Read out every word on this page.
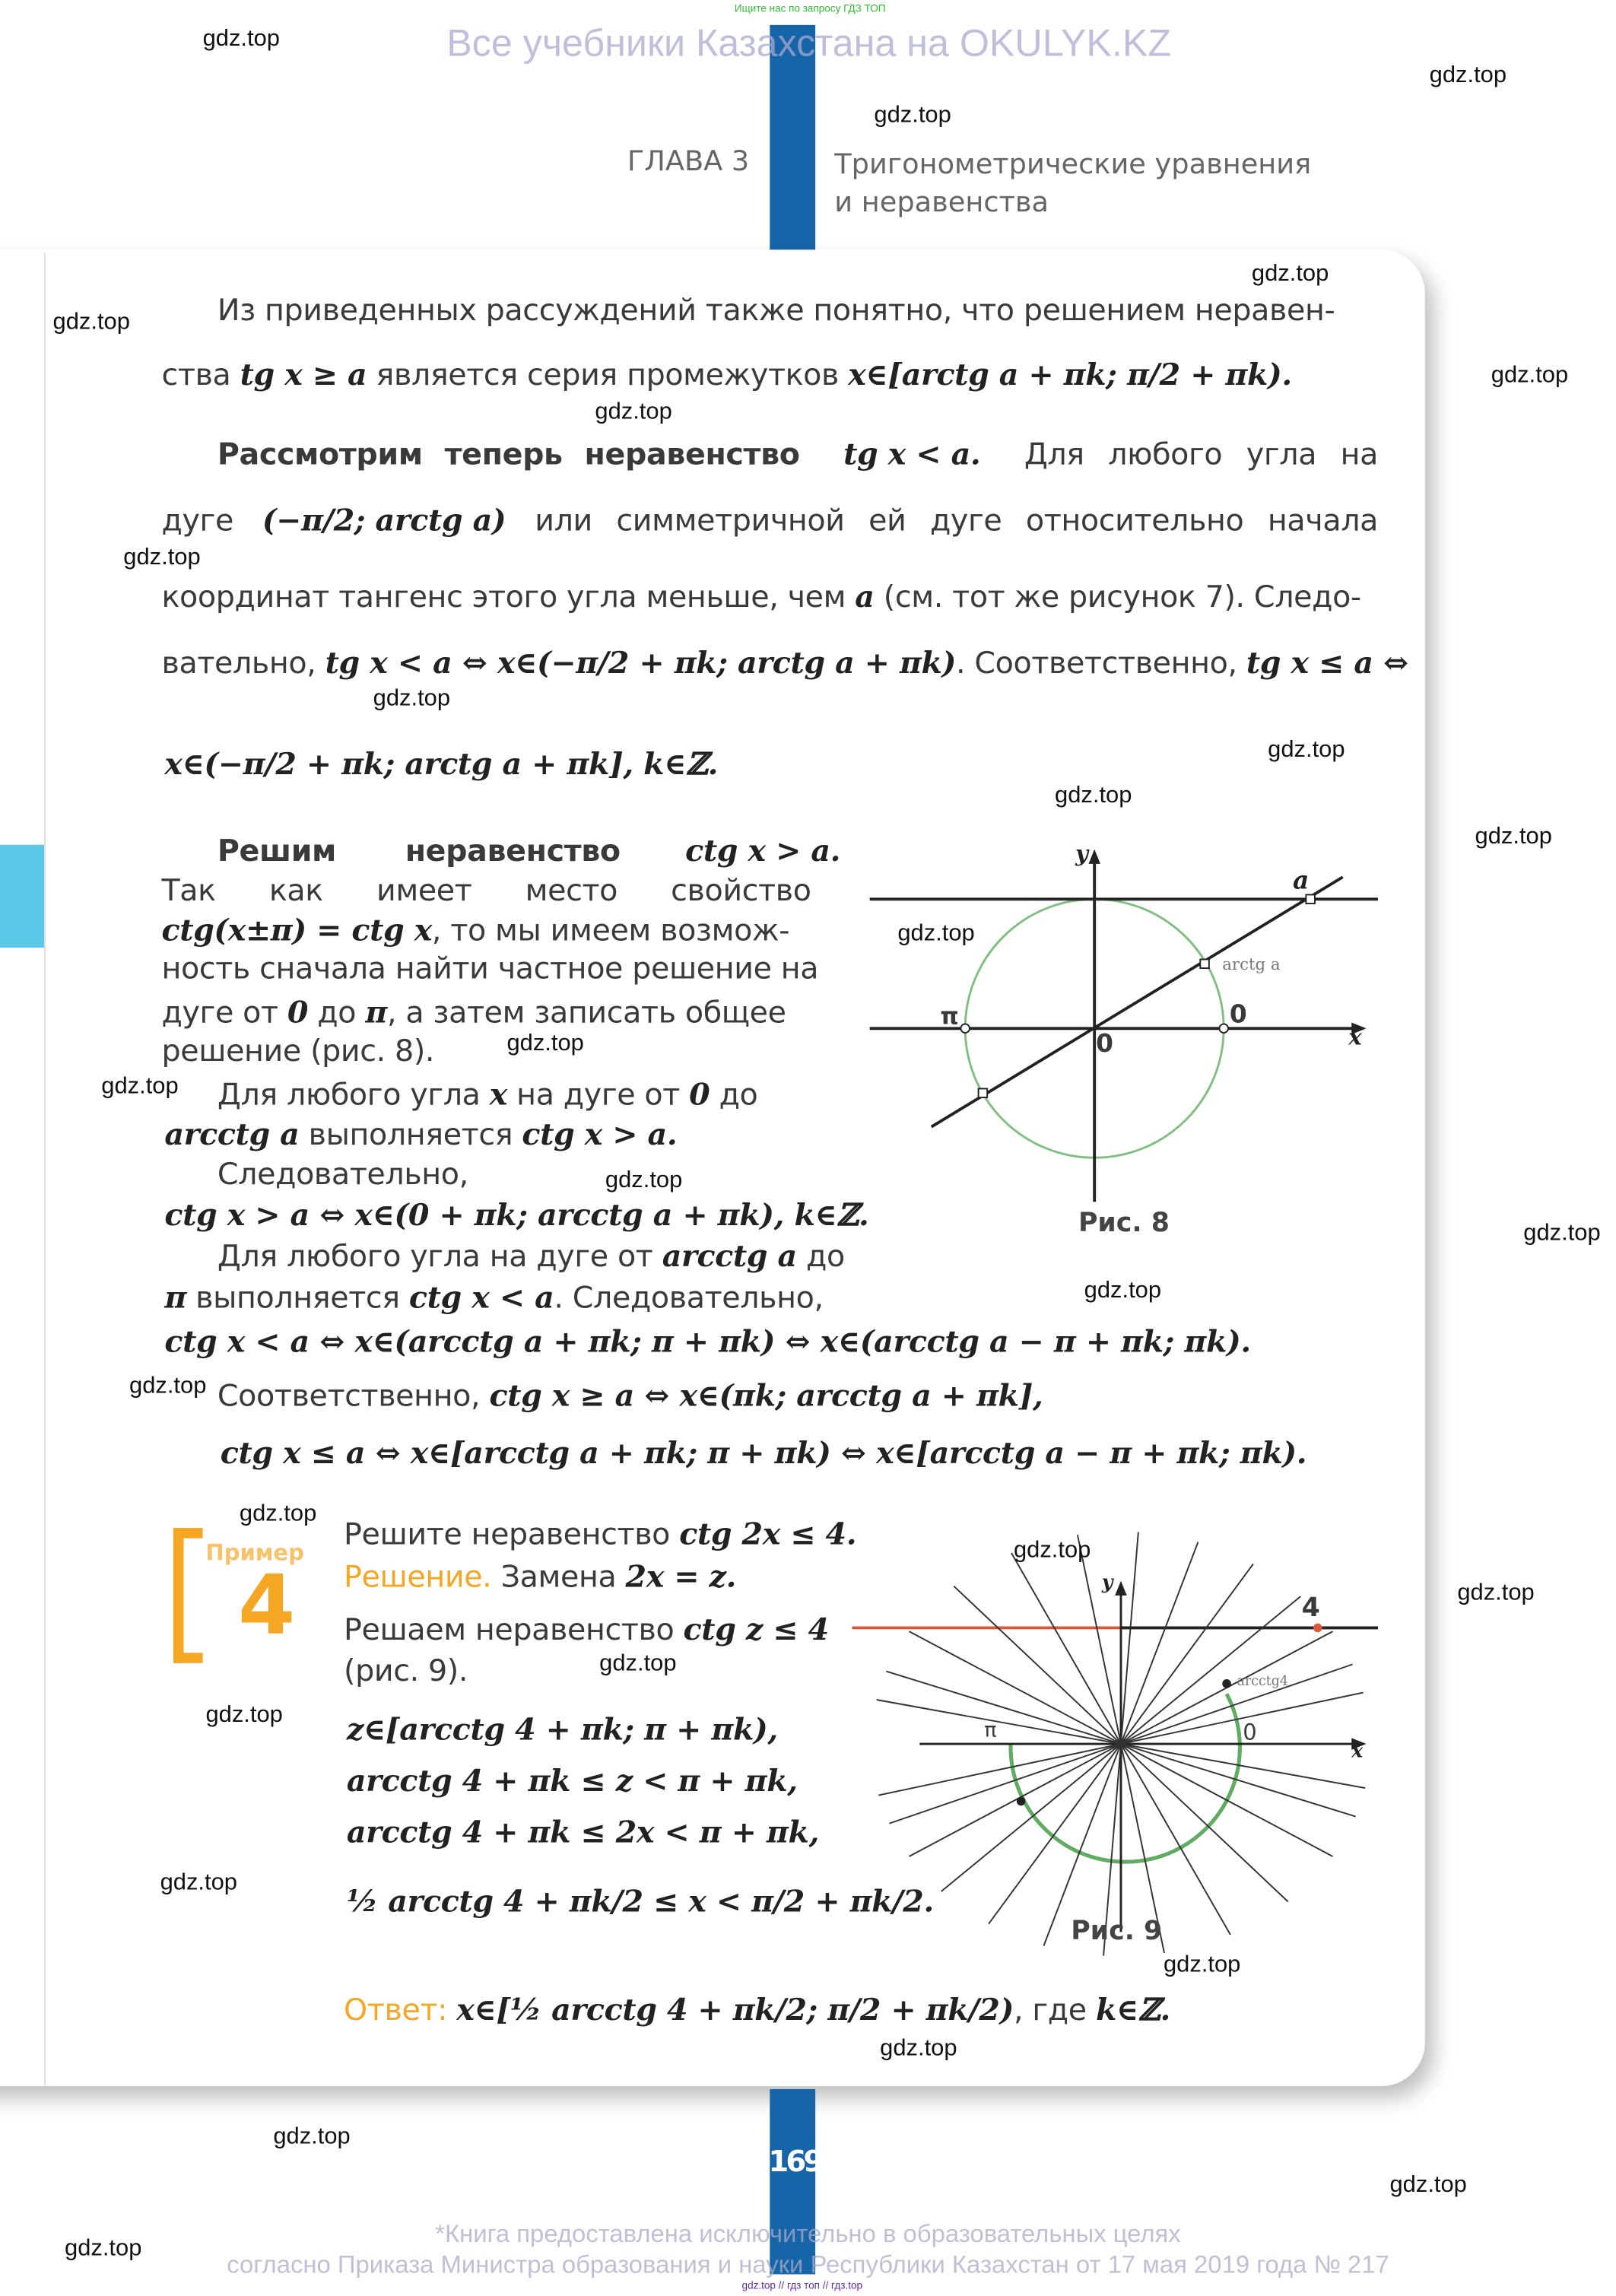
Ищите нас по запросу ГДЗ ТОП
Все учебники Казахстана на OKULYK.KZ
ГЛАВА 3	Тригонометрические уравнения
и неравенства
Из приведенных рассуждений также понятно, что решением нерaвен-
ства tg x ≥ a является серия промежутков x∈[arctg a + πk; π/2 + πk).
Рассмотрим теперь неравенство	tg x < a.	Для любого угла на
дуге (−π/2; arctg a) или симметричной ей дуге относительно начала
координат тангенс этого угла меньше, чем a (см. тот же рисунок 7). Следо-
вательно, tg x < a ⇔ x∈(−π/2 + πk; arctg a + πk). Соответственно, tg x ≤ a ⇔
x∈(−π/2 + πk; arctg a + πk], k∈ℤ.
Решим неравенство	ctg x > a.
Так как имеет место свойство
ctg(x±π) = ctg x, то мы имеем возмож-
ность сначала найти частное решение на
дуге от 0 до π, а затем записать общее
решение (рис. 8).
Для любого угла x на дуге от 0 до
arcctg a выполняется ctg x > a.
Следовательно,
ctg x > a ⇔ x∈(0 + πk; arcctg a + πk), k∈ℤ.
Для любого угла на дуге от arcctg a до
π выполняется ctg x < a. Следовательно,
ctg x < a ⇔ x∈(arcctg a + πk; π + πk) ⇔ x∈(arcctg a − π + πk; πk).
Соответственно, ctg x ≥ a ⇔ x∈(πk; arcctg a + πk],
ctg x ≤ a ⇔ x∈[arcctg a + πk; π + πk) ⇔ x∈[arcctg a − π + πk; πk).
y
a
arctg a
π	0
0	x
Рис. 8
y
4
arcctg4
π	0
x
Рис. 9
Пример
4
Решите неравенство ctg 2x ≤ 4.
Решение. Замена 2x = z.
Решаем неравенство ctg z ≤ 4
(рис. 9).
z∈[arcctg 4 + πk; π + πk),
arcctg 4 + πk ≤ z < π + πk,
arcctg 4 + πk ≤ 2x < π + πk,
½ arcctg 4 + πk/2 ≤ x < π/2 + πk/2.
Ответ: x∈[½ arcctg 4 + πk/2; π/2 + πk/2), где k∈ℤ.
169
*Книга предоставлена исключительно в образовательных целях
согласно Приказа Министра образования и науки Республики Казахстан от 17 мая 2019 года № 217
gdz.top // гдз топ // гдз.top
gdz.top
gdz.top
gdz.top
gdz.top
gdz.top
gdz.top
gdz.top
gdz.top
gdz.top
gdz.top
gdz.top
gdz.top
gdz.top
gdz.top
gdz.top
gdz.top
gdz.top
gdz.top
gdz.top
gdz.top
gdz.top
gdz.top
gdz.top
gdz.top
gdz.top
gdz.top
gdz.top
gdz.top
gdz.top
gdz.top
